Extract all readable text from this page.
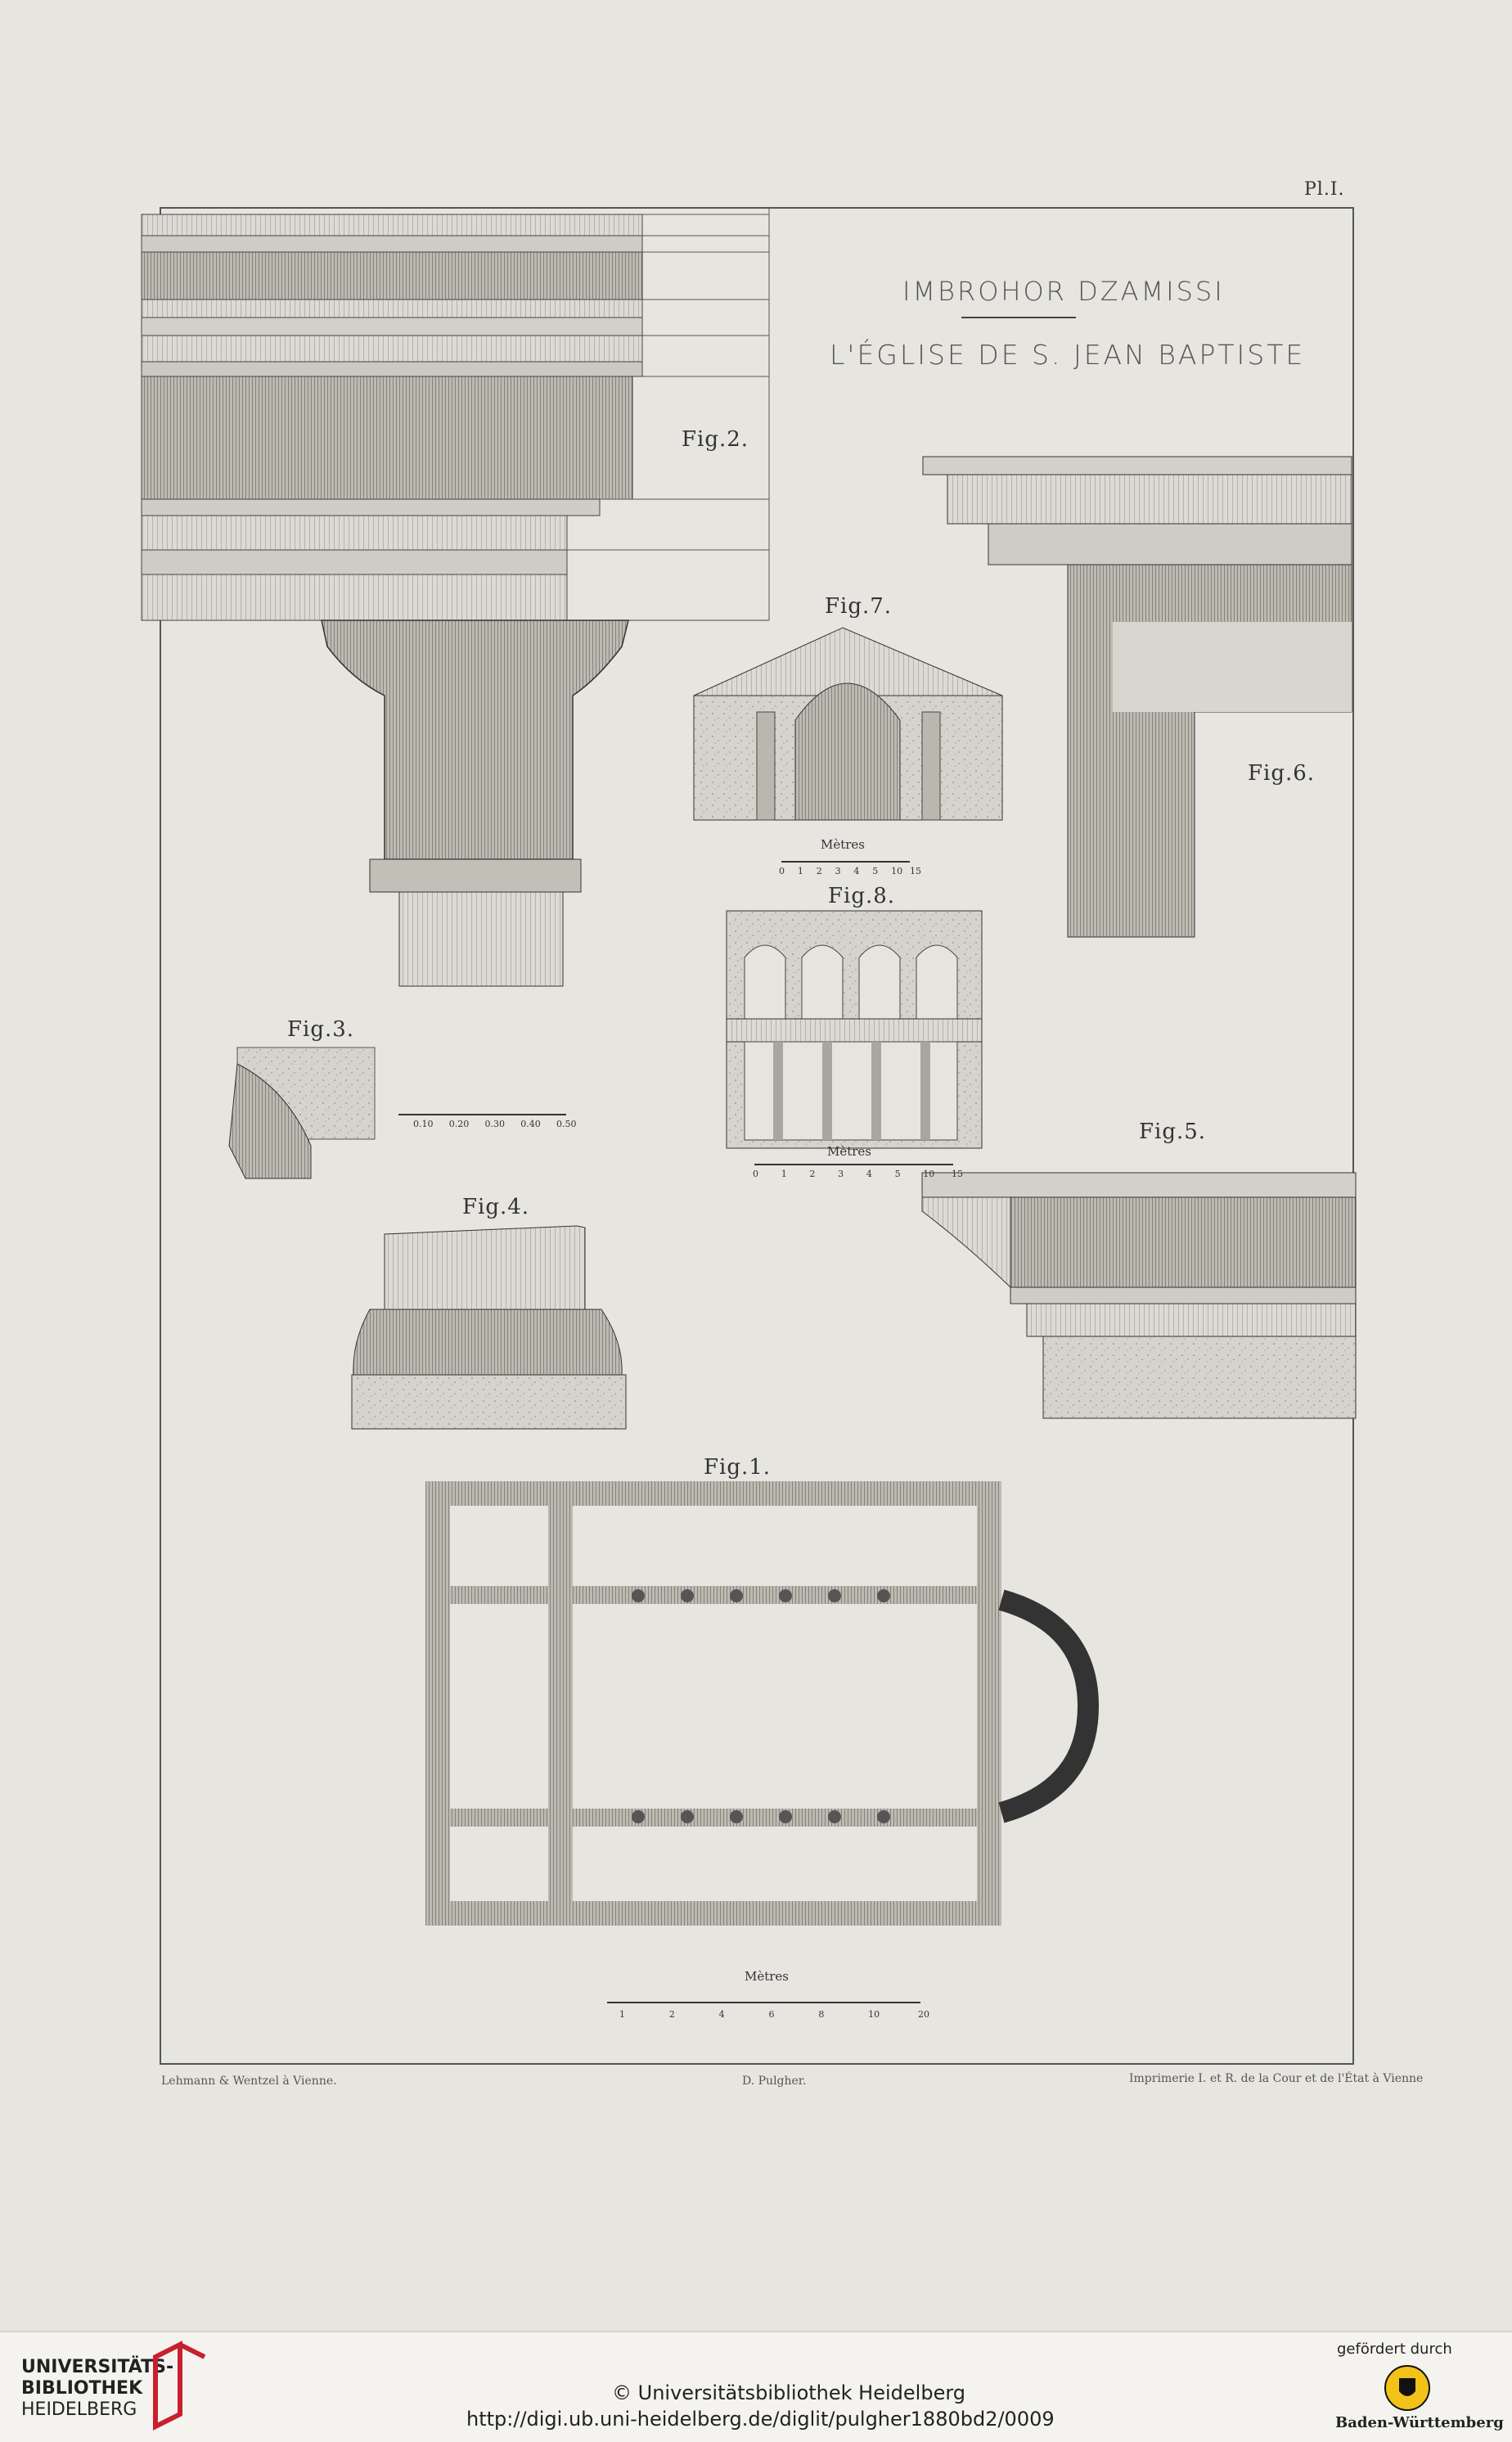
Pl.I.
IMBROHOR DZAMISSI
L'ÉGLISE DE S. JEAN BAPTISTE
Fig.2.
Fig.7.
Fig.6.
Fig.8.
Fig.3.
Fig.5.
Fig.4.
Fig.1.
Mètres
Mètres
Mètres
0 1 2 3 4 5 10 15
0	1	2	3	4	5	10 15
0.10 0.20 0.30 0.40 0.50
1	2	4	6	8	10	20
Lehmann & Wentzel à Vienne.	D. Pulgher.	Imprimerie I. et R. de la Cour et de l'État à Vienne
UNIVERSITÄTS-
BIBLIOTHEK
HEIDELBERG
© Universitätsbibliothek Heidelberg
http://digi.ub.uni-heidelberg.de/diglit/pulgher1880bd2/0009
gefördert durch
Baden-Württemberg
